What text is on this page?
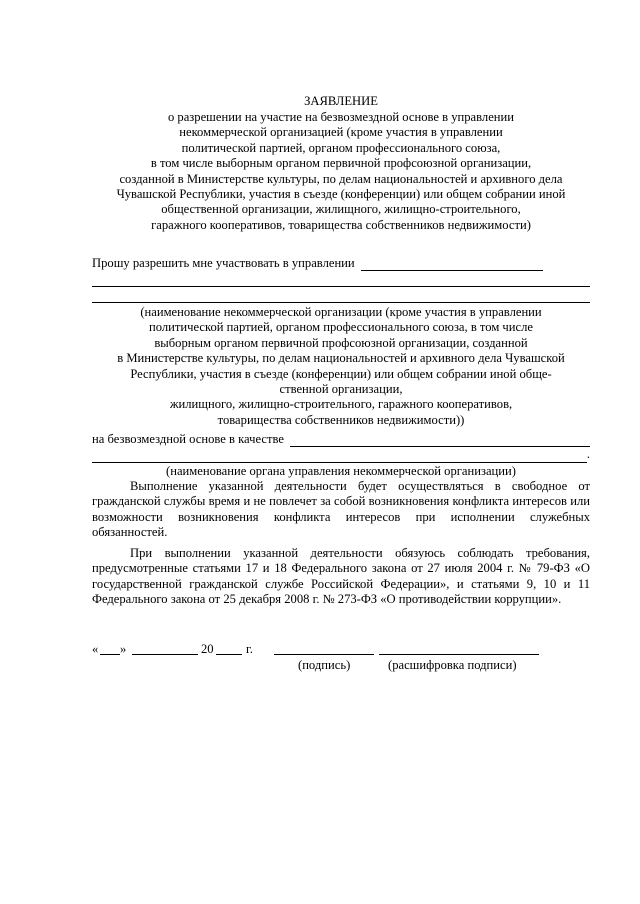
ЗАЯВЛЕНИЕ
о разрешении на участие на безвозмездной основе в управлении
некоммерческой организацией (кроме участия в управлении
политической партией, органом профессионального союза,
в том числе выборным органом первичной профсоюзной организации,
созданной в Министерстве культуры, по делам национальностей и архивного дела
Чувашской Республики, участия в съезде (конференции) или общем собрании иной
общественной организации, жилищного, жилищно-строительного,
гаражного кооперативов, товарищества собственников недвижимости)
Прошу разрешить мне участвовать в управлении
(наименование некоммерческой организации (кроме участия в управлении
политической партией, органом профессионального союза, в том числе
выборным органом первичной профсоюзной организации, созданной
в Министерстве культуры, по делам национальностей и архивного дела Чувашской
Республики, участия в съезде (конференции) или общем собрании иной обще-
ственной организации,
жилищного, жилищно-строительного, гаражного кооперативов,
товарищества собственников недвижимости))
на безвозмездной основе в качестве
.
(наименование органа управления некоммерческой организации)
Выполнение указанной деятельности будет осуществляться в свободное от гражданской службы время и не повлечет за собой возникновения конфликта интересов или возможности возникновения конфликта интересов при исполнении служебных обязанностей.
При выполнении указанной деятельности обязуюсь соблюдать требования, предусмотренные статьями 17 и 18 Федерального закона от 27 июля 2004 г. № 79-ФЗ «О государственной гражданской службе Российской Федерации», и статьями 9, 10 и 11 Федерального закона от 25 декабря 2008 г. № 273-ФЗ «О противодействии коррупции».
« »	20	г.
(подпись)	(расшифровка подписи)
